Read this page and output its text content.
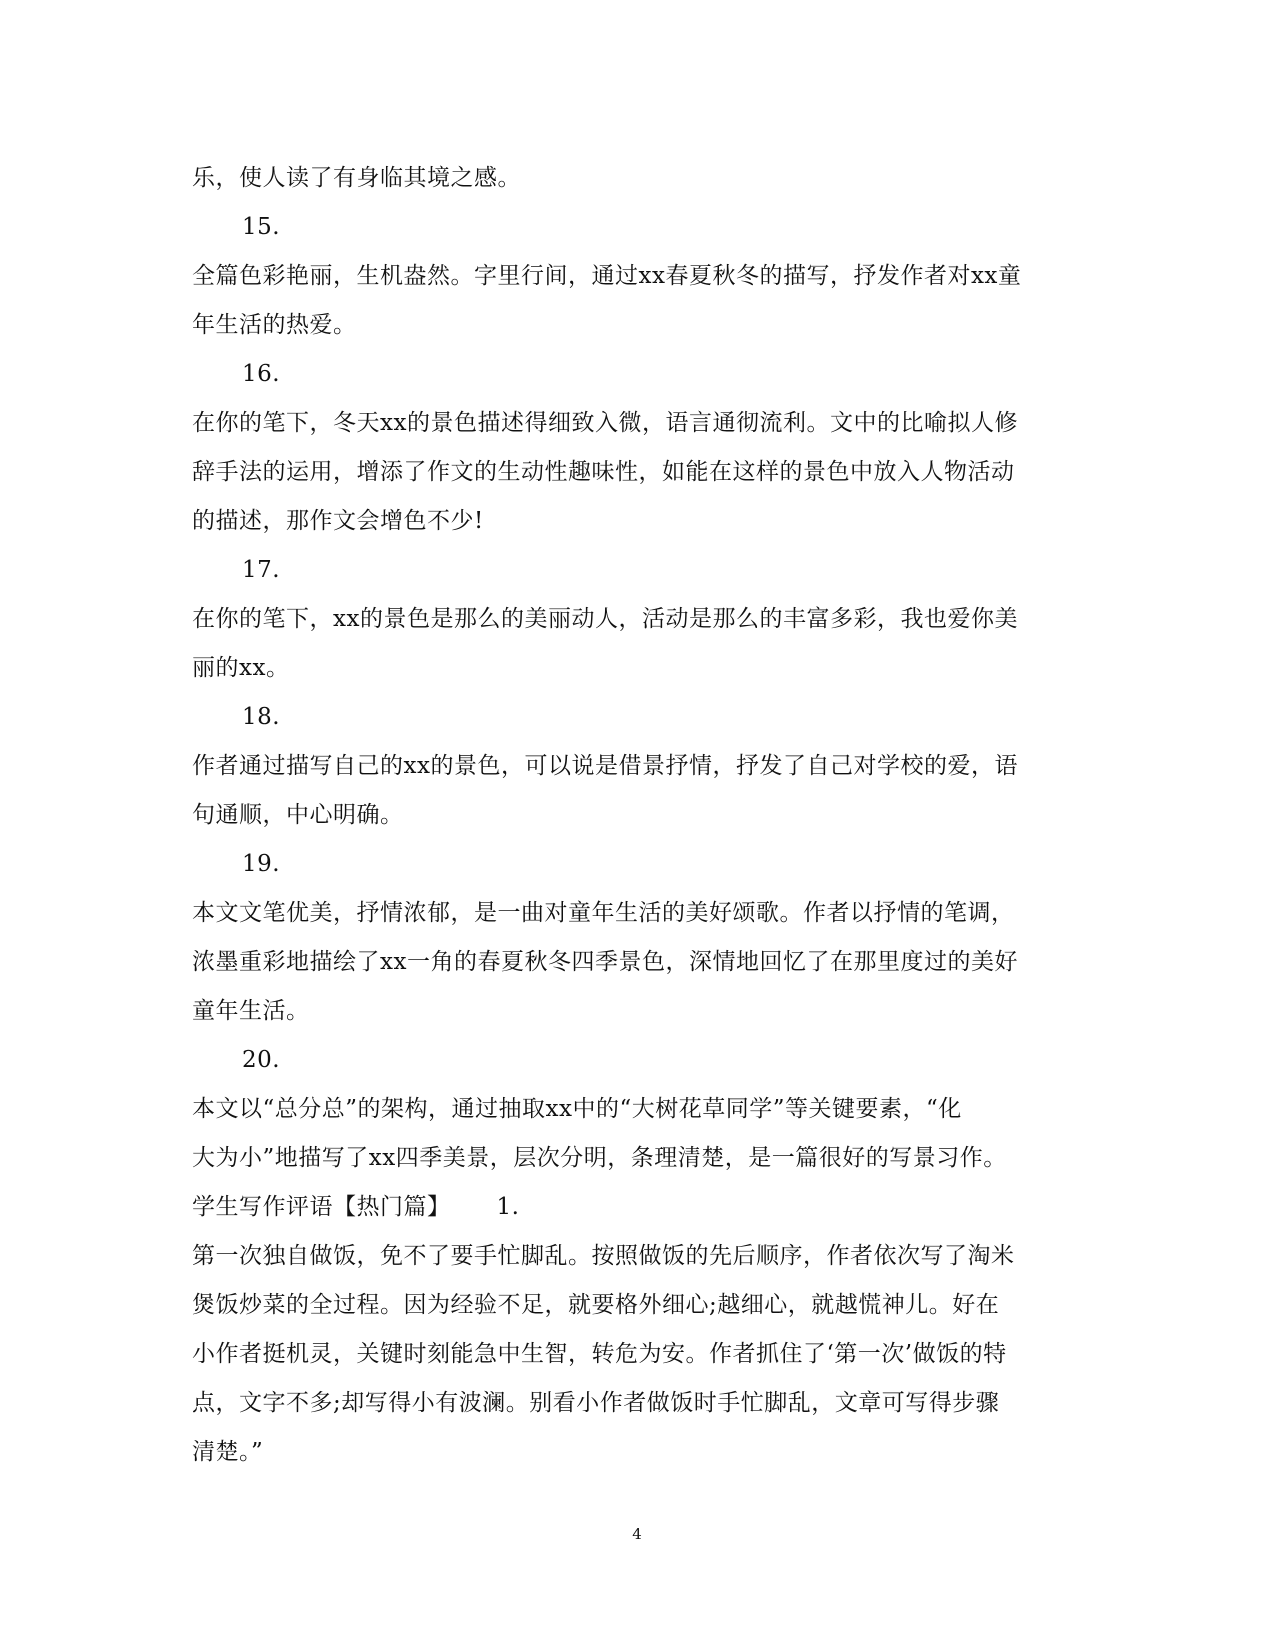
乐，使人读了有身临其境之感。
15.
全篇色彩艳丽，生机盎然。字里行间，通过xx春夏秋冬的描写，抒发作者对xx童
年生活的热爱。
16.
在你的笔下，冬天xx的景色描述得细致入微，语言通彻流利。文中的比喻拟人修
辞手法的运用，增添了作文的生动性趣味性，如能在这样的景色中放入人物活动
的描述，那作文会增色不少!
17.
在你的笔下，xx的景色是那么的美丽动人，活动是那么的丰富多彩，我也爱你美
丽的xx。
18.
作者通过描写自己的xx的景色，可以说是借景抒情，抒发了自己对学校的爱，语
句通顺，中心明确。
19.
本文文笔优美，抒情浓郁，是一曲对童年生活的美好颂歌。作者以抒情的笔调，
浓墨重彩地描绘了xx一角的春夏秋冬四季景色，深情地回忆了在那里度过的美好
童年生活。
20.
本文以“总分总”的架构，通过抽取xx中的“大树花草同学”等关键要素，“化
大为小”地描写了xx四季美景，层次分明，条理清楚，是一篇很好的写景习作。
学生写作评语【热门篇】 1.
第一次独自做饭，免不了要手忙脚乱。按照做饭的先后顺序，作者依次写了淘米
煲饭炒菜的全过程。因为经验不足，就要格外细心;越细心，就越慌神儿。好在
小作者挺机灵，关键时刻能急中生智，转危为安。作者抓住了‘第一次’做饭的特
点，文字不多;却写得小有波澜。别看小作者做饭时手忙脚乱，文章可写得步骤
清楚。”
4
